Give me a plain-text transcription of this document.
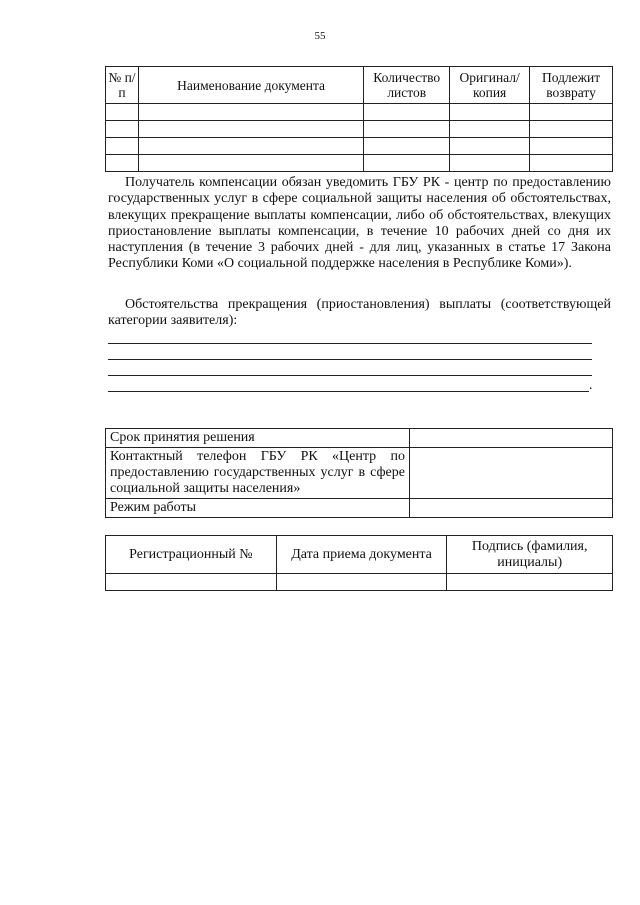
55
№ п/п	Наименование документа	Количество листов	Оригинал/ копия	Подлежит возврату

Получатель компенсации обязан уведомить ГБУ РК - центр по предоставлению государственных услуг в сфере социальной защиты населения об обстоятельствах, влекущих прекращение выплаты компенсации, либо об обстоятельствах, влекущих приостановление выплаты компенсации, в течение 10 рабочих дней со дня их наступления (в течение 3 рабочих дней - для лиц, указанных в статье 17 Закона Республики Коми «О социальной поддержке населения в Республике Коми»).
Обстоятельства прекращения (приостановления) выплаты (соответствующей категории заявителя):
.
Срок принятия решения	
Контактный телефон ГБУ РК «Центр по предоставлению государственных услуг в сфере социальной защиты населения»	
Режим работы	
Регистрационный №	Дата приема документа	Подпись (фамилия, инициалы)
